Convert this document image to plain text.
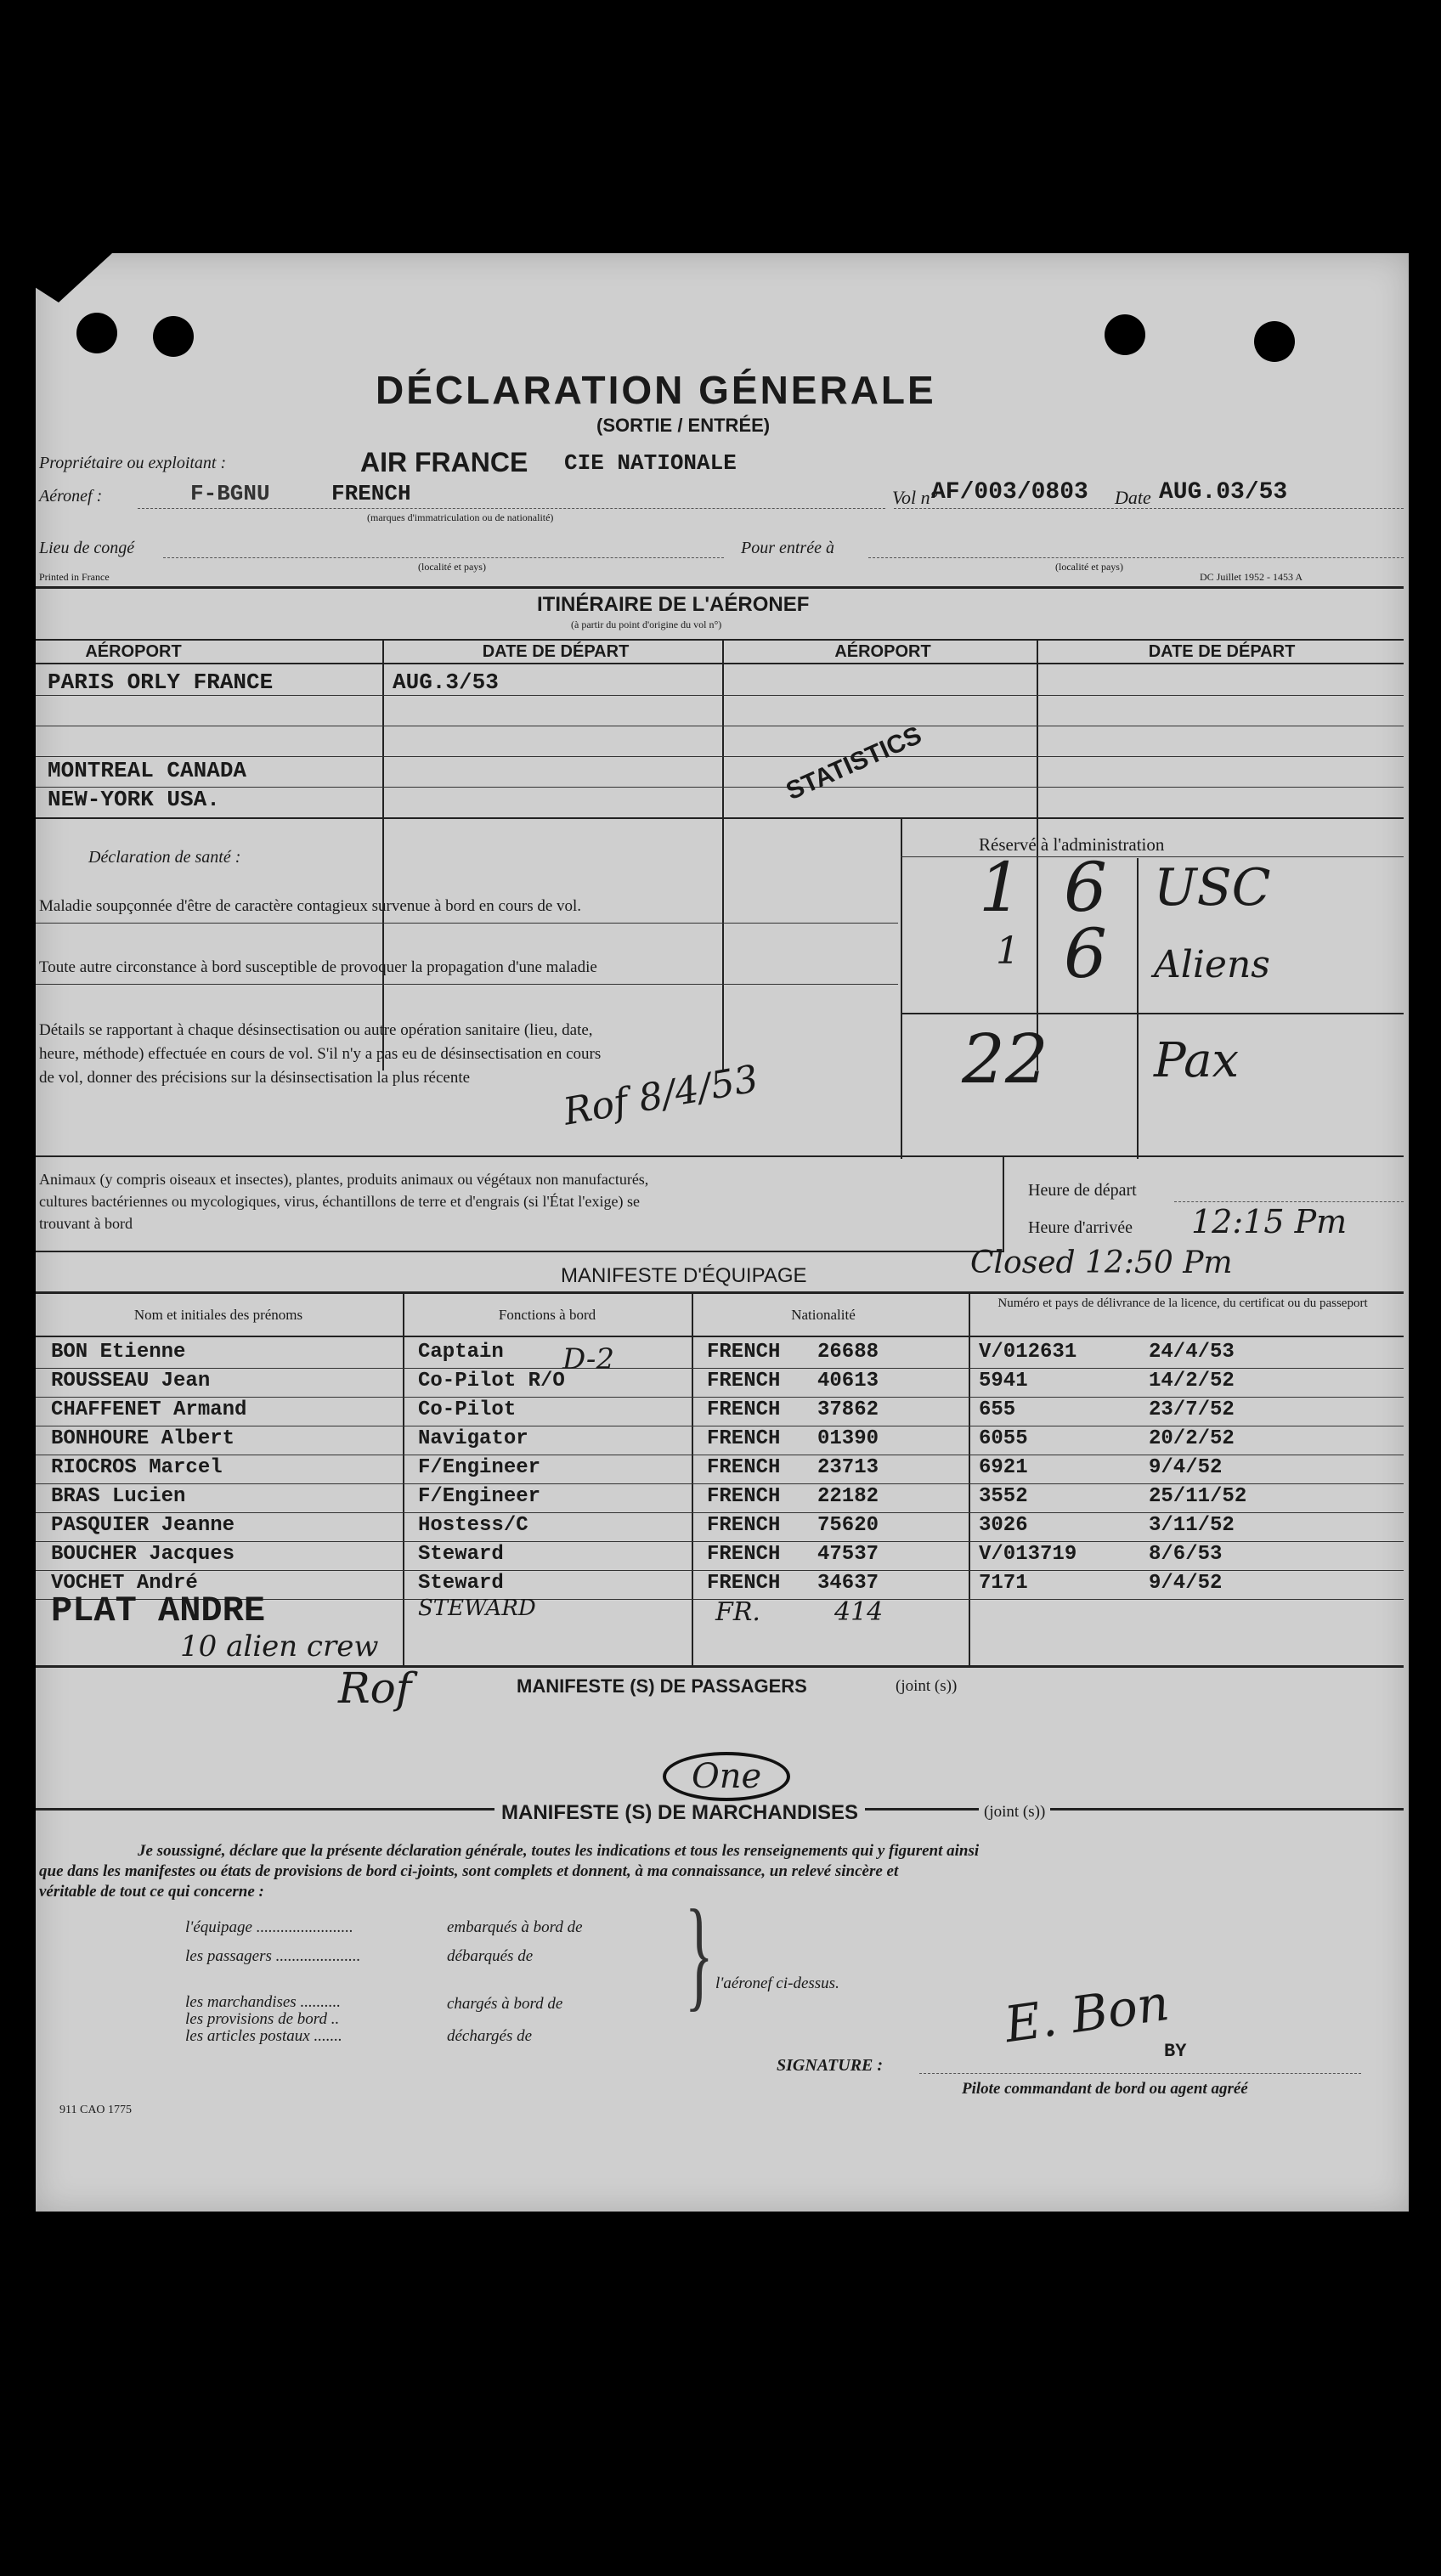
DÉCLARATION GÉNERALE
(SORTIE / ENTRÉE)
Propriétaire ou exploitant :	AIR FRANCE CIE NATIONALE
Aéronef :	F-BGNU	FRENCH
(marques d'immatriculation ou de nationalité)
Vol n°
AF/003/0803 Date AUG.03/53
Lieu de congé
(localité et pays)
Pour entrée à
(localité et pays)
Printed in France	DC Juillet 1952 - 1453 A
ITINÉRAIRE DE L'AÉRONEF
(à partir du point d'origine du vol n°)
AÉROPORT	DATE DE DÉPART	AÉROPORT	DATE DE DÉPART
PARIS ORLY FRANCE	AUG.3/53
MONTREAL CANADA
NEW-YORK USA.	STATISTICS
Déclaration de santé :
Maladie soupçonnée d'être de caractère contagieux survenue à bord en cours de vol.
Toute autre circonstance à bord susceptible de provoquer la propagation d'une maladie
Détails se rapportant à chaque désinsectisation ou autre opération sanitaire (lieu, date,
heure, méthode) effectuée en cours de vol. S'il n'y a pas eu de désinsectisation en cours
de vol, donner des précisions sur la désinsectisation la plus récente Rof 8/4/53
Réservé à l'administration
1 6 USC
1 6 Aliens
22 Pax
Animaux (y compris oiseaux et insectes), plantes, produits animaux ou végétaux non manufacturés,
cultures bactériennes ou mycologiques, virus, échantillons de terre et d'engrais (si l'État l'exige) se
trouvant à bord
Heure de départ
Heure d'arrivée 12:15 Pm
Closed 12:50 Pm
MANIFESTE D'ÉQUIPAGE
Nom et initiales des prénoms	Fonctions à bord	Nationalité
Numéro et pays de délivrance de la licence, du certificat ou du passeport
BON Etienne	Captain	FRENCH 26688	V/012631	24/4/53
ROUSSEAU Jean	Co-Pilot R/O	FRENCH 40613	5941	14/2/52
CHAFFENET Armand	Co-Pilot	FRENCH 37862	655	23/7/52
BONHOURE Albert	Navigator	FRENCH 01390	6055	20/2/52
RIOCROS Marcel	F/Engineer	FRENCH 23713	6921	9/4/52
BRAS Lucien	F/Engineer	FRENCH 22182	3552	25/11/52
PASQUIER Jeanne	Hostess/C	FRENCH 75620	3026	3/11/52
BOUCHER Jacques	Steward	FRENCH 47537	V/013719	8/6/53
VOCHET André	Steward	FRENCH 34637	7171	9/4/52
PLAT ANDRE	STEWARD	FR.	414
D-2
10 alien crew
MANIFESTE (S) DE PASSAGERS	(joint (s))
Rof
One
MANIFESTE (S) DE MARCHANDISES	(joint (s))
Je soussigné, déclare que la présente déclaration générale, toutes les indications et tous les renseignements qui y figurent ainsi
que dans les manifestes ou états de provisions de bord ci-joints, sont complets et donnent, à ma connaissance, un relevé sincère et
véritable de tout ce qui concerne :
l'équipage ........................
les passagers .....................
les marchandises ..........
les provisions de bord ..
les articles postaux .......
embarqués à bord de
débarqués de
chargés à bord de
déchargés de
} l'aéronef ci-dessus.
SIGNATURE :
E. Bon
BY
Pilote commandant de bord ou agent agréé
911 CAO 1775
